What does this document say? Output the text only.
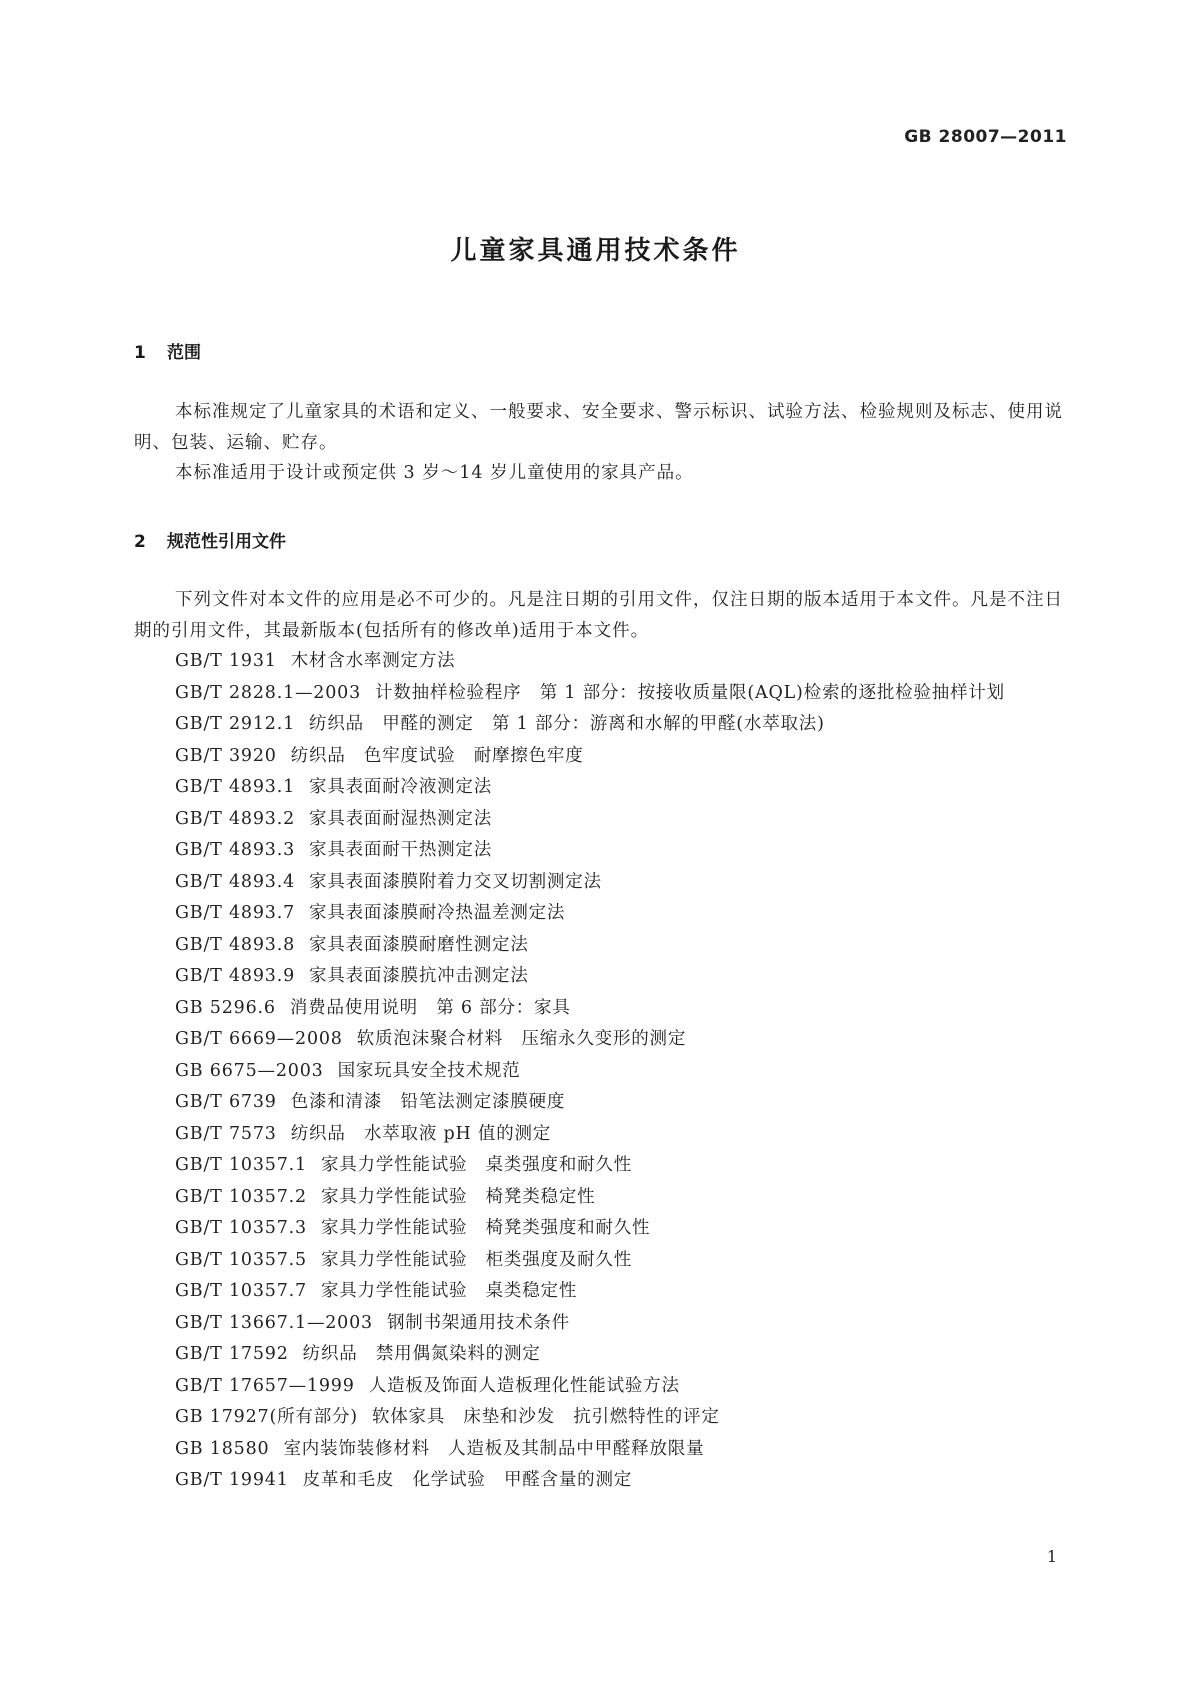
GB 28007—2011
儿童家具通用技术条件
1 范围
本标准规定了儿童家具的术语和定义、一般要求、安全要求、警示标识、试验方法、检验规则及标志、使用说明、包装、运输、贮存。
本标准适用于设计或预定供 3 岁～14 岁儿童使用的家具产品。
2 规范性引用文件
下列文件对本文件的应用是必不可少的。凡是注日期的引用文件，仅注日期的版本适用于本文件。凡是不注日期的引用文件，其最新版本(包括所有的修改单)适用于本文件。
GB/T 1931 木材含水率测定方法
GB/T 2828.1—2003 计数抽样检验程序　第 1 部分：按接收质量限(AQL)检索的逐批检验抽样计划
GB/T 2912.1 纺织品　甲醛的测定　第 1 部分：游离和水解的甲醛(水萃取法)
GB/T 3920 纺织品　色牢度试验　耐摩擦色牢度
GB/T 4893.1 家具表面耐冷液测定法
GB/T 4893.2 家具表面耐湿热测定法
GB/T 4893.3 家具表面耐干热测定法
GB/T 4893.4 家具表面漆膜附着力交叉切割测定法
GB/T 4893.7 家具表面漆膜耐冷热温差测定法
GB/T 4893.8 家具表面漆膜耐磨性测定法
GB/T 4893.9 家具表面漆膜抗冲击测定法
GB 5296.6 消费品使用说明　第 6 部分：家具
GB/T 6669—2008 软质泡沫聚合材料　压缩永久变形的测定
GB 6675—2003 国家玩具安全技术规范
GB/T 6739 色漆和清漆　铅笔法测定漆膜硬度
GB/T 7573 纺织品　水萃取液 pH 值的测定
GB/T 10357.1 家具力学性能试验　桌类强度和耐久性
GB/T 10357.2 家具力学性能试验　椅凳类稳定性
GB/T 10357.3 家具力学性能试验　椅凳类强度和耐久性
GB/T 10357.5 家具力学性能试验　柜类强度及耐久性
GB/T 10357.7 家具力学性能试验　桌类稳定性
GB/T 13667.1—2003 钢制书架通用技术条件
GB/T 17592 纺织品　禁用偶氮染料的测定
GB/T 17657—1999 人造板及饰面人造板理化性能试验方法
GB 17927(所有部分) 软体家具　床垫和沙发　抗引燃特性的评定
GB 18580 室内装饰装修材料　人造板及其制品中甲醛释放限量
GB/T 19941 皮革和毛皮　化学试验　甲醛含量的测定
1
